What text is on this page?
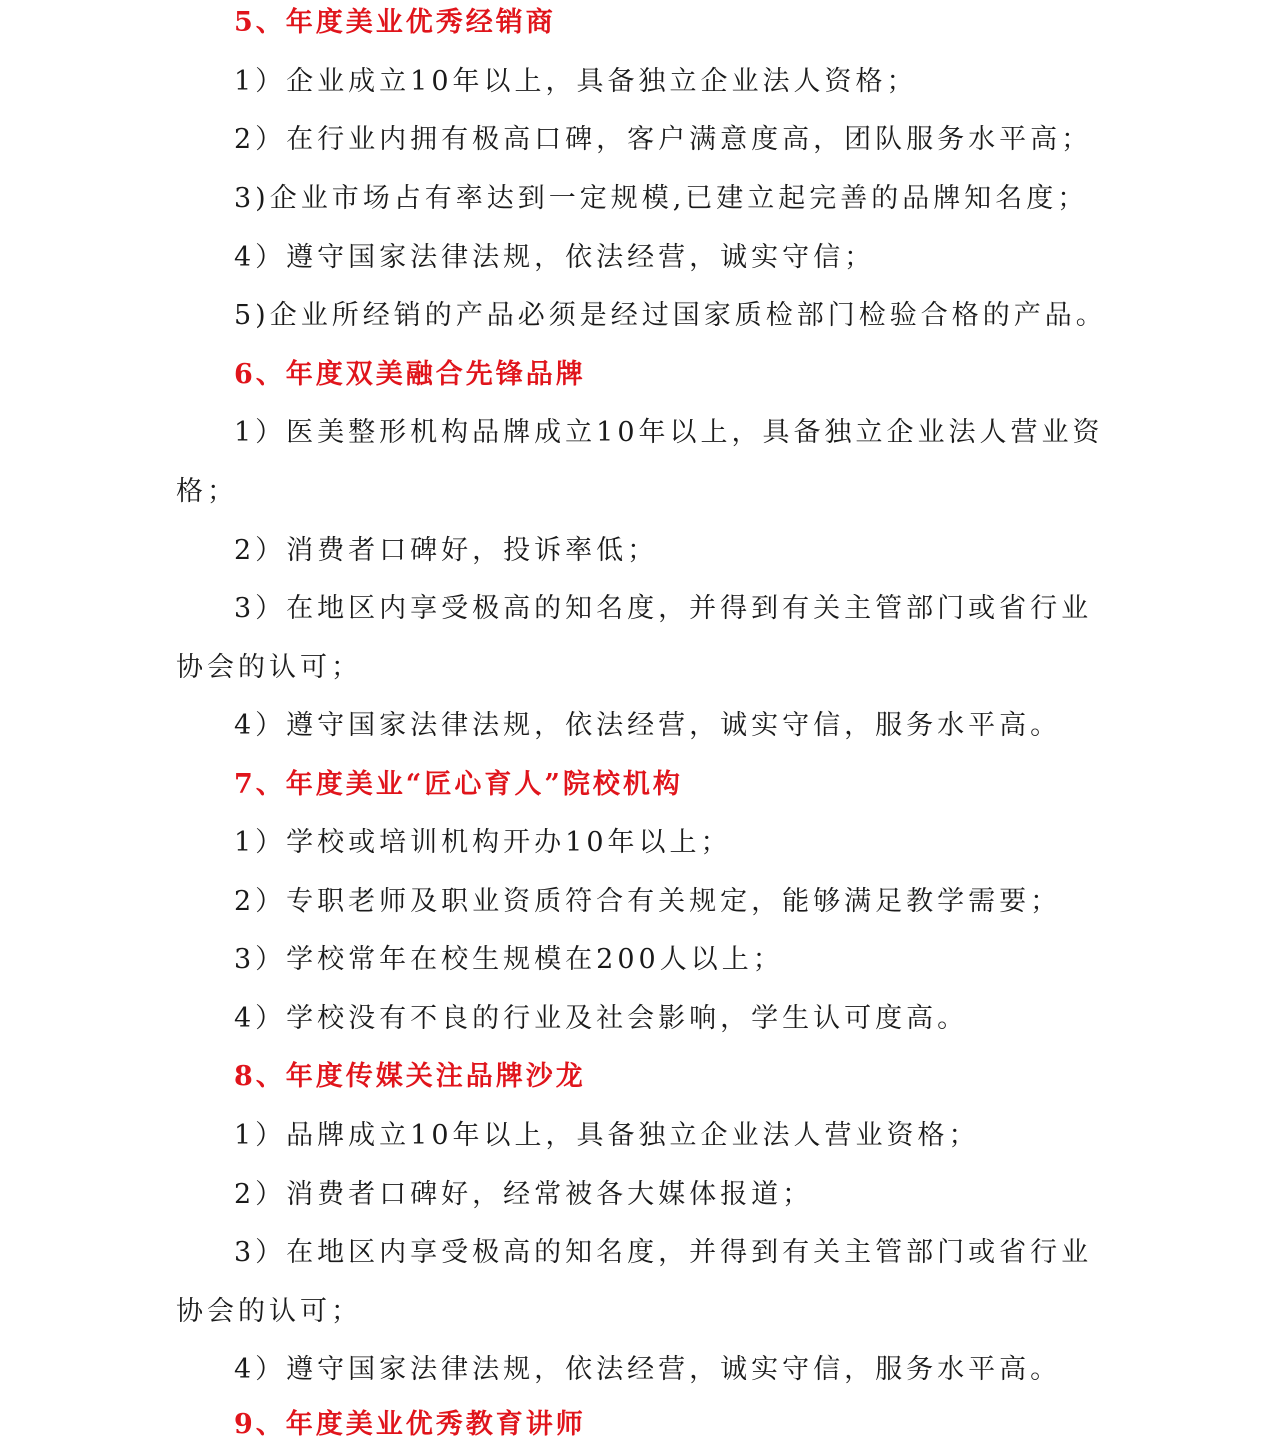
5、年度美业优秀经销商
1）企业成立10年以上，具备独立企业法人资格；
2）在行业内拥有极高口碑，客户满意度高，团队服务水平高；
3)企业市场占有率达到一定规模,已建立起完善的品牌知名度；
4）遵守国家法律法规，依法经营，诚实守信；
5)企业所经销的产品必须是经过国家质检部门检验合格的产品。
6、年度双美融合先锋品牌
1）医美整形机构品牌成立10年以上，具备独立企业法人营业资
格；
2）消费者口碑好，投诉率低；
3）在地区内享受极高的知名度，并得到有关主管部门或省行业
协会的认可；
4）遵守国家法律法规，依法经营，诚实守信，服务水平高。
7、年度美业“匠心育人”院校机构
1）学校或培训机构开办10年以上；
2）专职老师及职业资质符合有关规定，能够满足教学需要；
3）学校常年在校生规模在200人以上；
4）学校没有不良的行业及社会影响，学生认可度高。
8、年度传媒关注品牌沙龙
1）品牌成立10年以上，具备独立企业法人营业资格；
2）消费者口碑好，经常被各大媒体报道；
3）在地区内享受极高的知名度，并得到有关主管部门或省行业
协会的认可；
4）遵守国家法律法规，依法经营，诚实守信，服务水平高。
9、年度美业优秀教育讲师
